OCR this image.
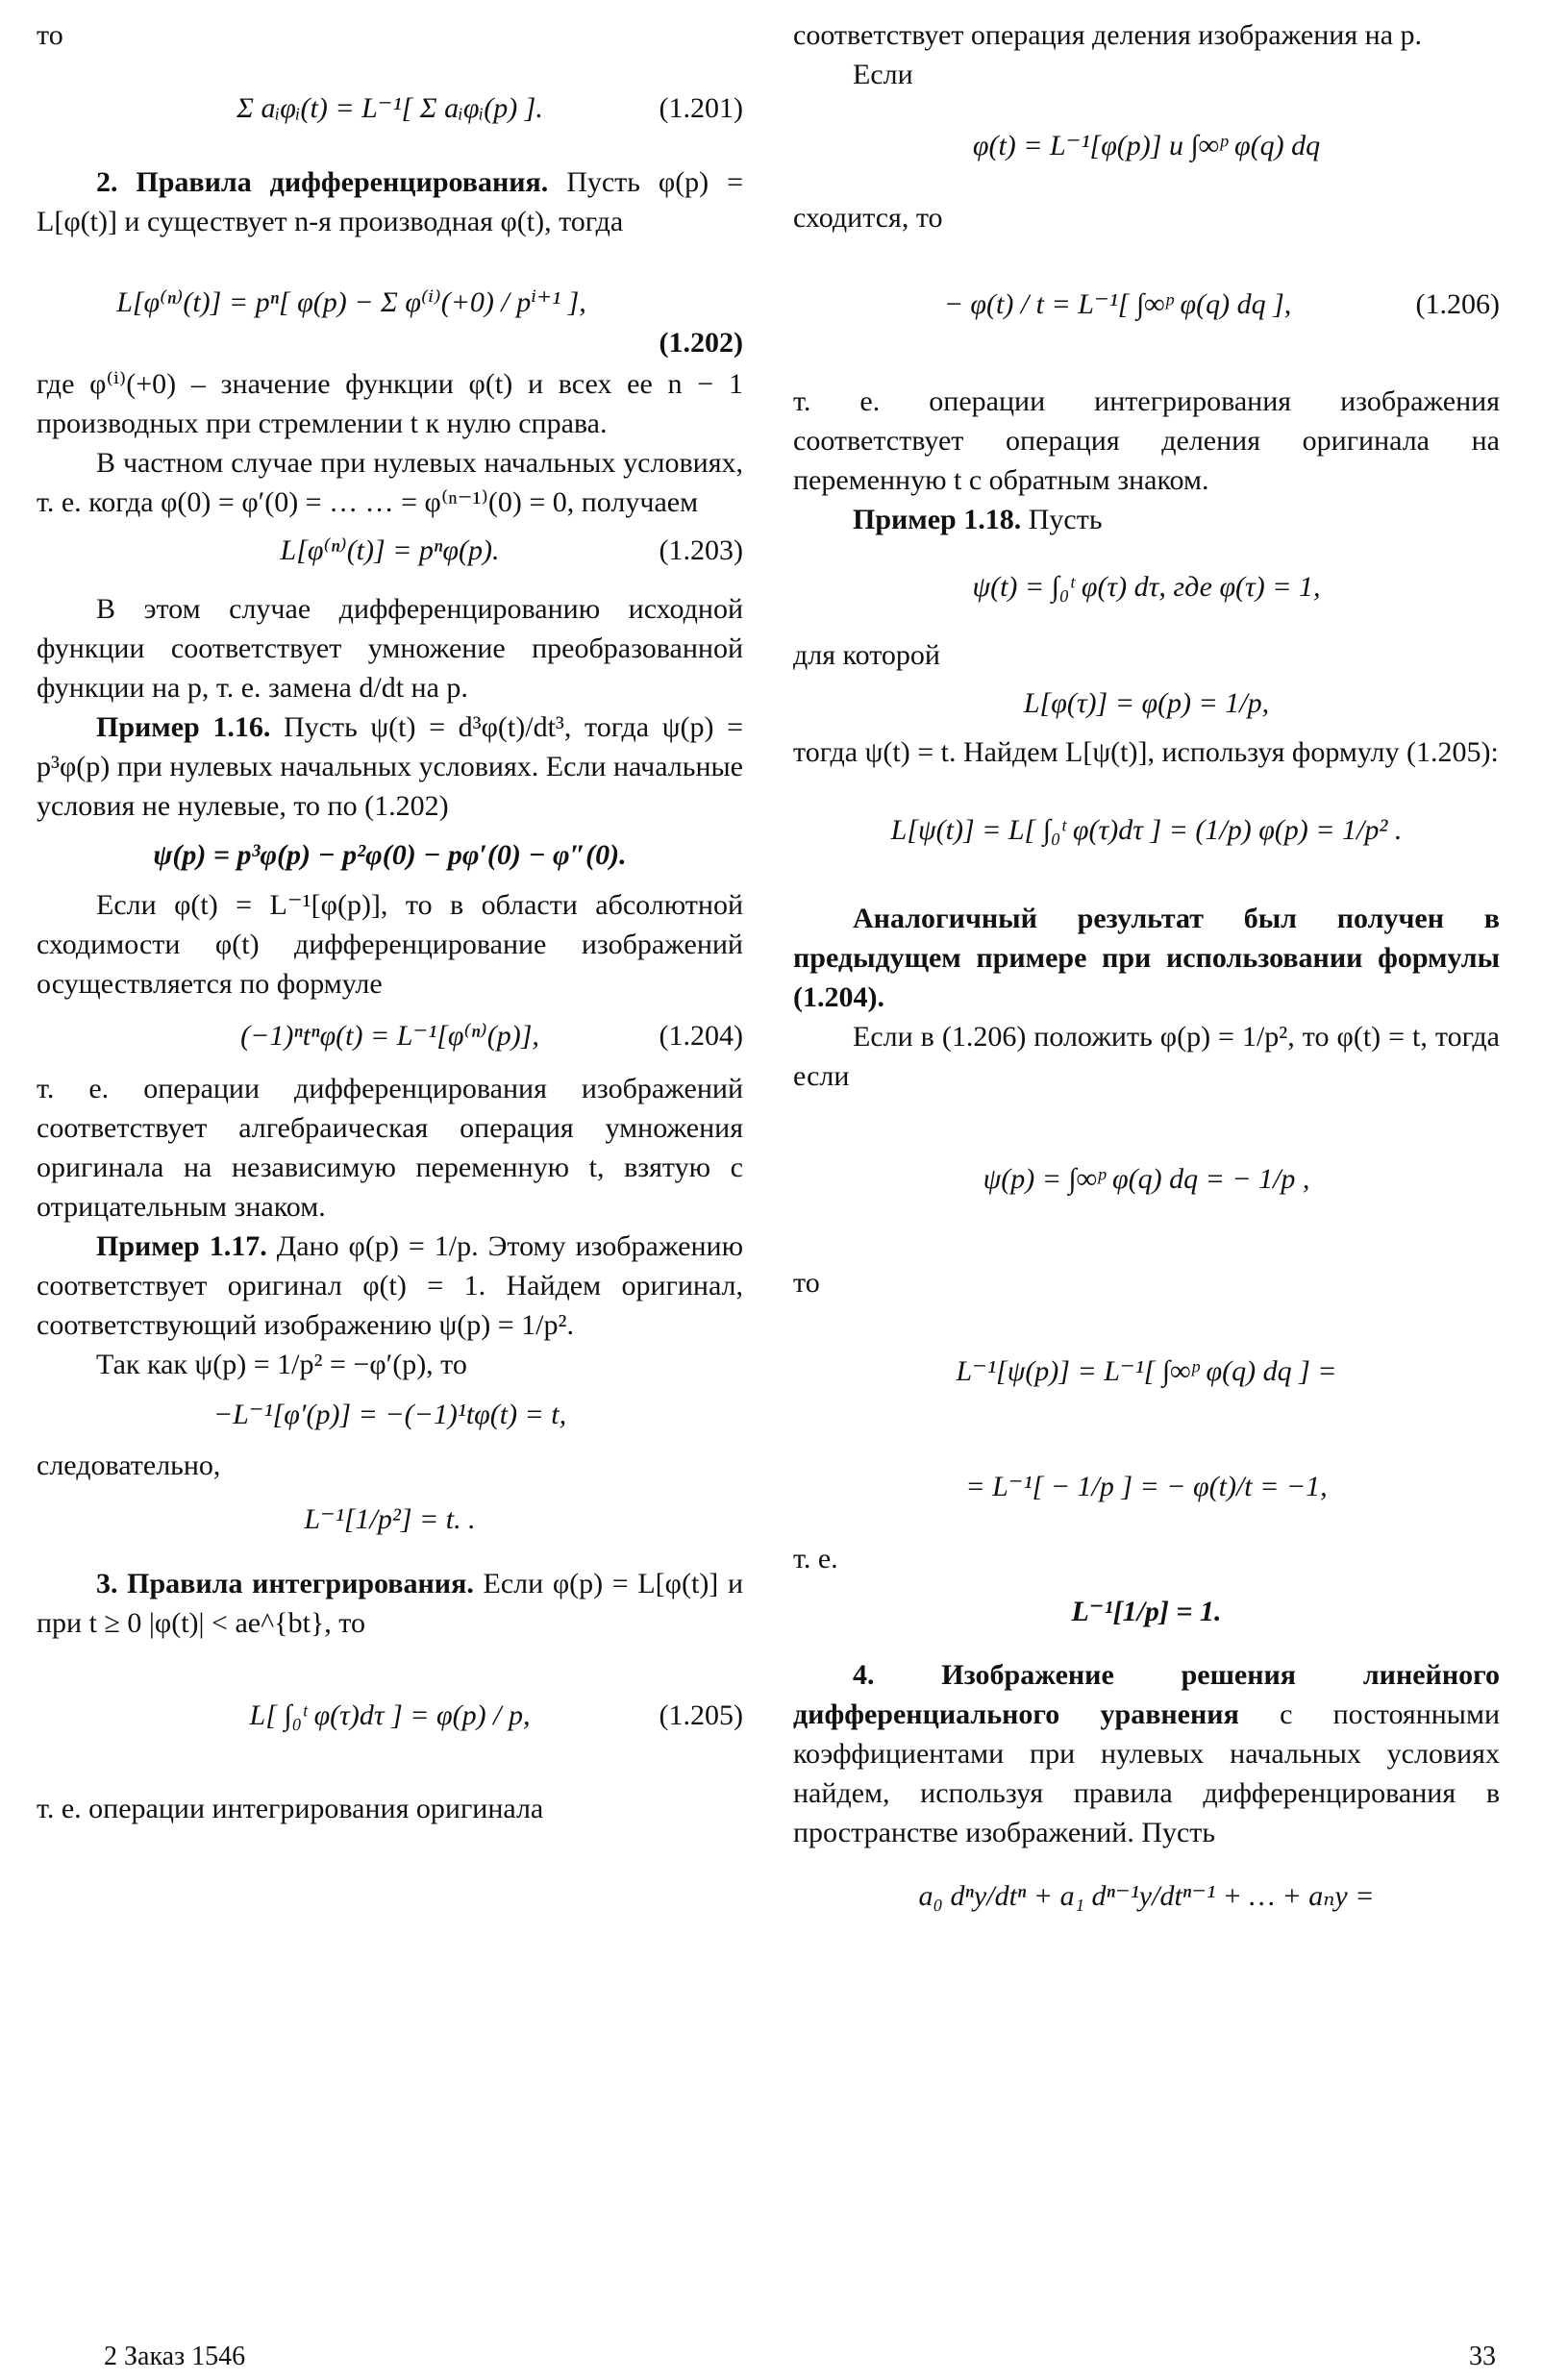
то

Σ aᵢφᵢ(t) = L⁻¹[ Σ aᵢφᵢ(p) ].	(1.201)

2. Правила дифференцирования. Пусть φ(p) = L[φ(t)] и существует n-я производная φ(t), тогда

L[φ⁽ⁿ⁾(t)] = pⁿ[ φ(p) − Σ φ⁽ⁱ⁾(+0) / pⁱ⁺¹ ],
(1.202)

где φ⁽ⁱ⁾(+0) – значение функции φ(t) и всех ее n − 1 производных при стремлении t к нулю справа.

В частном случае при нулевых начальных условиях, т. е. когда φ(0) = φ′(0) = … … = φ⁽ⁿ⁻¹⁾(0) = 0, получаем

L[φ⁽ⁿ⁾(t)] = pⁿφ(p).	(1.203)

В этом случае дифференцированию исходной функции соответствует умножение преобразованной функции на p, т. е. замена d/dt на p.

Пример 1.16. Пусть ψ(t) = d³φ(t)/dt³, тогда ψ(p) = p³φ(p) при нулевых начальных условиях. Если начальные условия не нулевые, то по (1.202)

ψ(p) = p³φ(p) − p²φ(0) − pφ′(0) − φ″(0).

Если φ(t) = L⁻¹[φ(p)], то в области абсолютной сходимости φ(t) дифференцирование изображений осуществляется по формуле

(−1)ⁿtⁿφ(t) = L⁻¹[φ⁽ⁿ⁾(p)],	(1.204)

т. е. операции дифференцирования изображений соответствует алгебраическая операция умножения оригинала на независимую переменную t, взятую с отрицательным знаком.

Пример 1.17. Дано φ(p) = 1/p. Этому изображению соответствует оригинал φ(t) = 1. Найдем оригинал, соответствующий изображению ψ(p) = 1/p².

Так как ψ(p) = 1/p² = −φ′(p), то

−L⁻¹[φ′(p)] = −(−1)¹tφ(t) = t,

следовательно,

L⁻¹[1/p²] = t. .

3. Правила интегрирования. Если φ(p) = L[φ(t)] и при t ≥ 0 |φ(t)| < ae^{bt}, то

L[ ∫₀ᵗ φ(τ)dτ ] = φ(p) / p,	(1.205)

т. е. операции интегрирования оригинала

соответствует операция деления изображения на p.

Если

φ(t) = L⁻¹[φ(p)] и ∫∞ᵖ φ(q) dq

сходится, то

− φ(t) / t = L⁻¹[ ∫∞ᵖ φ(q) dq ],	(1.206)

т. е. операции интегрирования изображения соответствует операция деления оригинала на переменную t с обратным знаком.

Пример 1.18. Пусть

ψ(t) = ∫₀ᵗ φ(τ) dτ, где φ(τ) = 1,

для которой

L[φ(τ)] = φ(p) = 1/p,

тогда ψ(t) = t. Найдем L[ψ(t)], используя формулу (1.205):

L[ψ(t)] = L[ ∫₀ᵗ φ(τ)dτ ] = (1/p) φ(p) = 1/p² .

Аналогичный результат был получен в предыдущем примере при использовании формулы (1.204).

Если в (1.206) положить φ(p) = 1/p², то φ(t) = t, тогда если

ψ(p) = ∫∞ᵖ φ(q) dq = − 1/p ,

то

L⁻¹[ψ(p)] = L⁻¹[ ∫∞ᵖ φ(q) dq ] =
= L⁻¹[ − 1/p ] = − φ(t)/t = −1,

т. е.

L⁻¹[1/p] = 1.

4. Изображение решения линейного дифференциального уравнения с постоянными коэффициентами при нулевых начальных условиях найдем, используя правила дифференцирования в пространстве изображений. Пусть

a₀ dⁿy/dtⁿ + a₁ dⁿ⁻¹y/dtⁿ⁻¹ + … + aₙy =
2 Заказ 1546	33
